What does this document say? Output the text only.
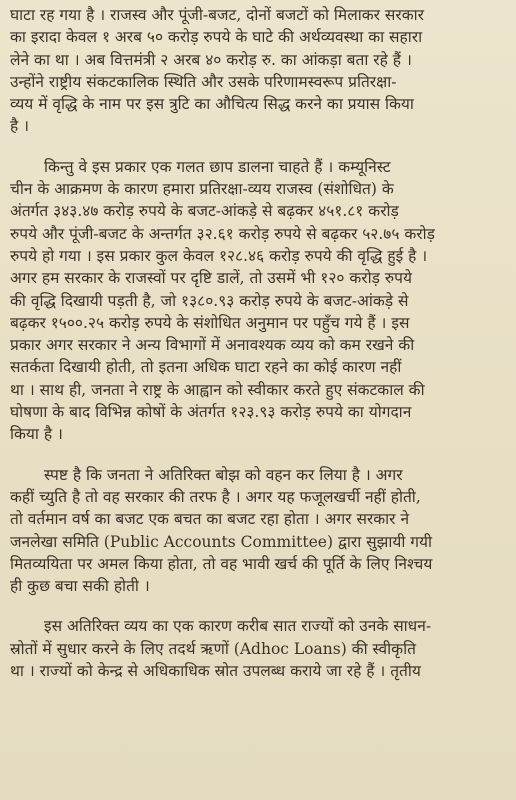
घाटा रह गया है । राजस्व और पूंजी-बजट, दोनों बजटों को मिलाकर सरकार
का इरादा केवल १ अरब ५० करोड़ रुपये के घाटे की अर्थव्यवस्था का सहारा
लेने का था । अब वित्तमंत्री २ अरब ४० करोड़ रु. का आंकड़ा बता रहे हैं ।
उन्होंने राष्ट्रीय संकटकालिक स्थिति और उसके परिणामस्वरूप प्रतिरक्षा-
व्यय में वृद्धि के नाम पर इस त्रुटि का औचित्य सिद्ध करने का प्रयास किया
है ।
किन्तु वे इस प्रकार एक गलत छाप डालना चाहते हैं । कम्यूनिस्ट
चीन के आक्रमण के कारण हमारा प्रतिरक्षा-व्यय राजस्व (संशोधित) के
अंतर्गत ३४३.४७ करोड़ रुपये के बजट-आंकड़े से बढ़कर ४५१.८१ करोड़
रुपये और पूंजी-बजट के अन्तर्गत ३२.६१ करोड़ रुपये से बढ़कर ५२.७५ करोड़
रुपये हो गया । इस प्रकार कुल केवल १२८.४६ करोड़ रुपये की वृद्धि हुई है ।
अगर हम सरकार के राजस्वों पर दृष्टि डालें, तो उसमें भी १२० करोड़ रुपये
की वृद्धि दिखायी पड़ती है, जो १३८०.९३ करोड़ रुपये के बजट-आंकड़े से
बढ़कर १५००.२५ करोड़ रुपये के संशोधित अनुमान पर पहुँच गये हैं । इस
प्रकार अगर सरकार ने अन्य विभागों में अनावश्यक व्यय को कम रखने की
सतर्कता दिखायी होती, तो इतना अधिक घाटा रहने का कोई कारण नहीं
था । साथ ही, जनता ने राष्ट्र के आह्वान को स्वीकार करते हुए संकटकाल की
घोषणा के बाद विभिन्न कोषों के अंतर्गत १२३.९३ करोड़ रुपये का योगदान
किया है ।
स्पष्ट है कि जनता ने अतिरिक्त बोझ को वहन कर लिया है । अगर
कहीं च्युति है तो वह सरकार की तरफ है । अगर यह फजूलखर्ची नहीं होती,
तो वर्तमान वर्ष का बजट एक बचत का बजट रहा होता । अगर सरकार ने
जनलेखा समिति (Public Accounts Committee) द्वारा सुझायी गयी
मितव्ययिता पर अमल किया होता, तो वह भावी खर्च की पूर्ति के लिए निश्चय
ही कुछ बचा सकी होती ।
इस अतिरिक्त व्यय का एक कारण करीब सात राज्यों को उनके साधन-
स्रोतों में सुधार करने के लिए तदर्थ ऋणों (Adhoc Loans) की स्वीकृति
था । राज्यों को केन्द्र से अधिकाधिक स्रोत उपलब्ध कराये जा रहे हैं । तृतीय
